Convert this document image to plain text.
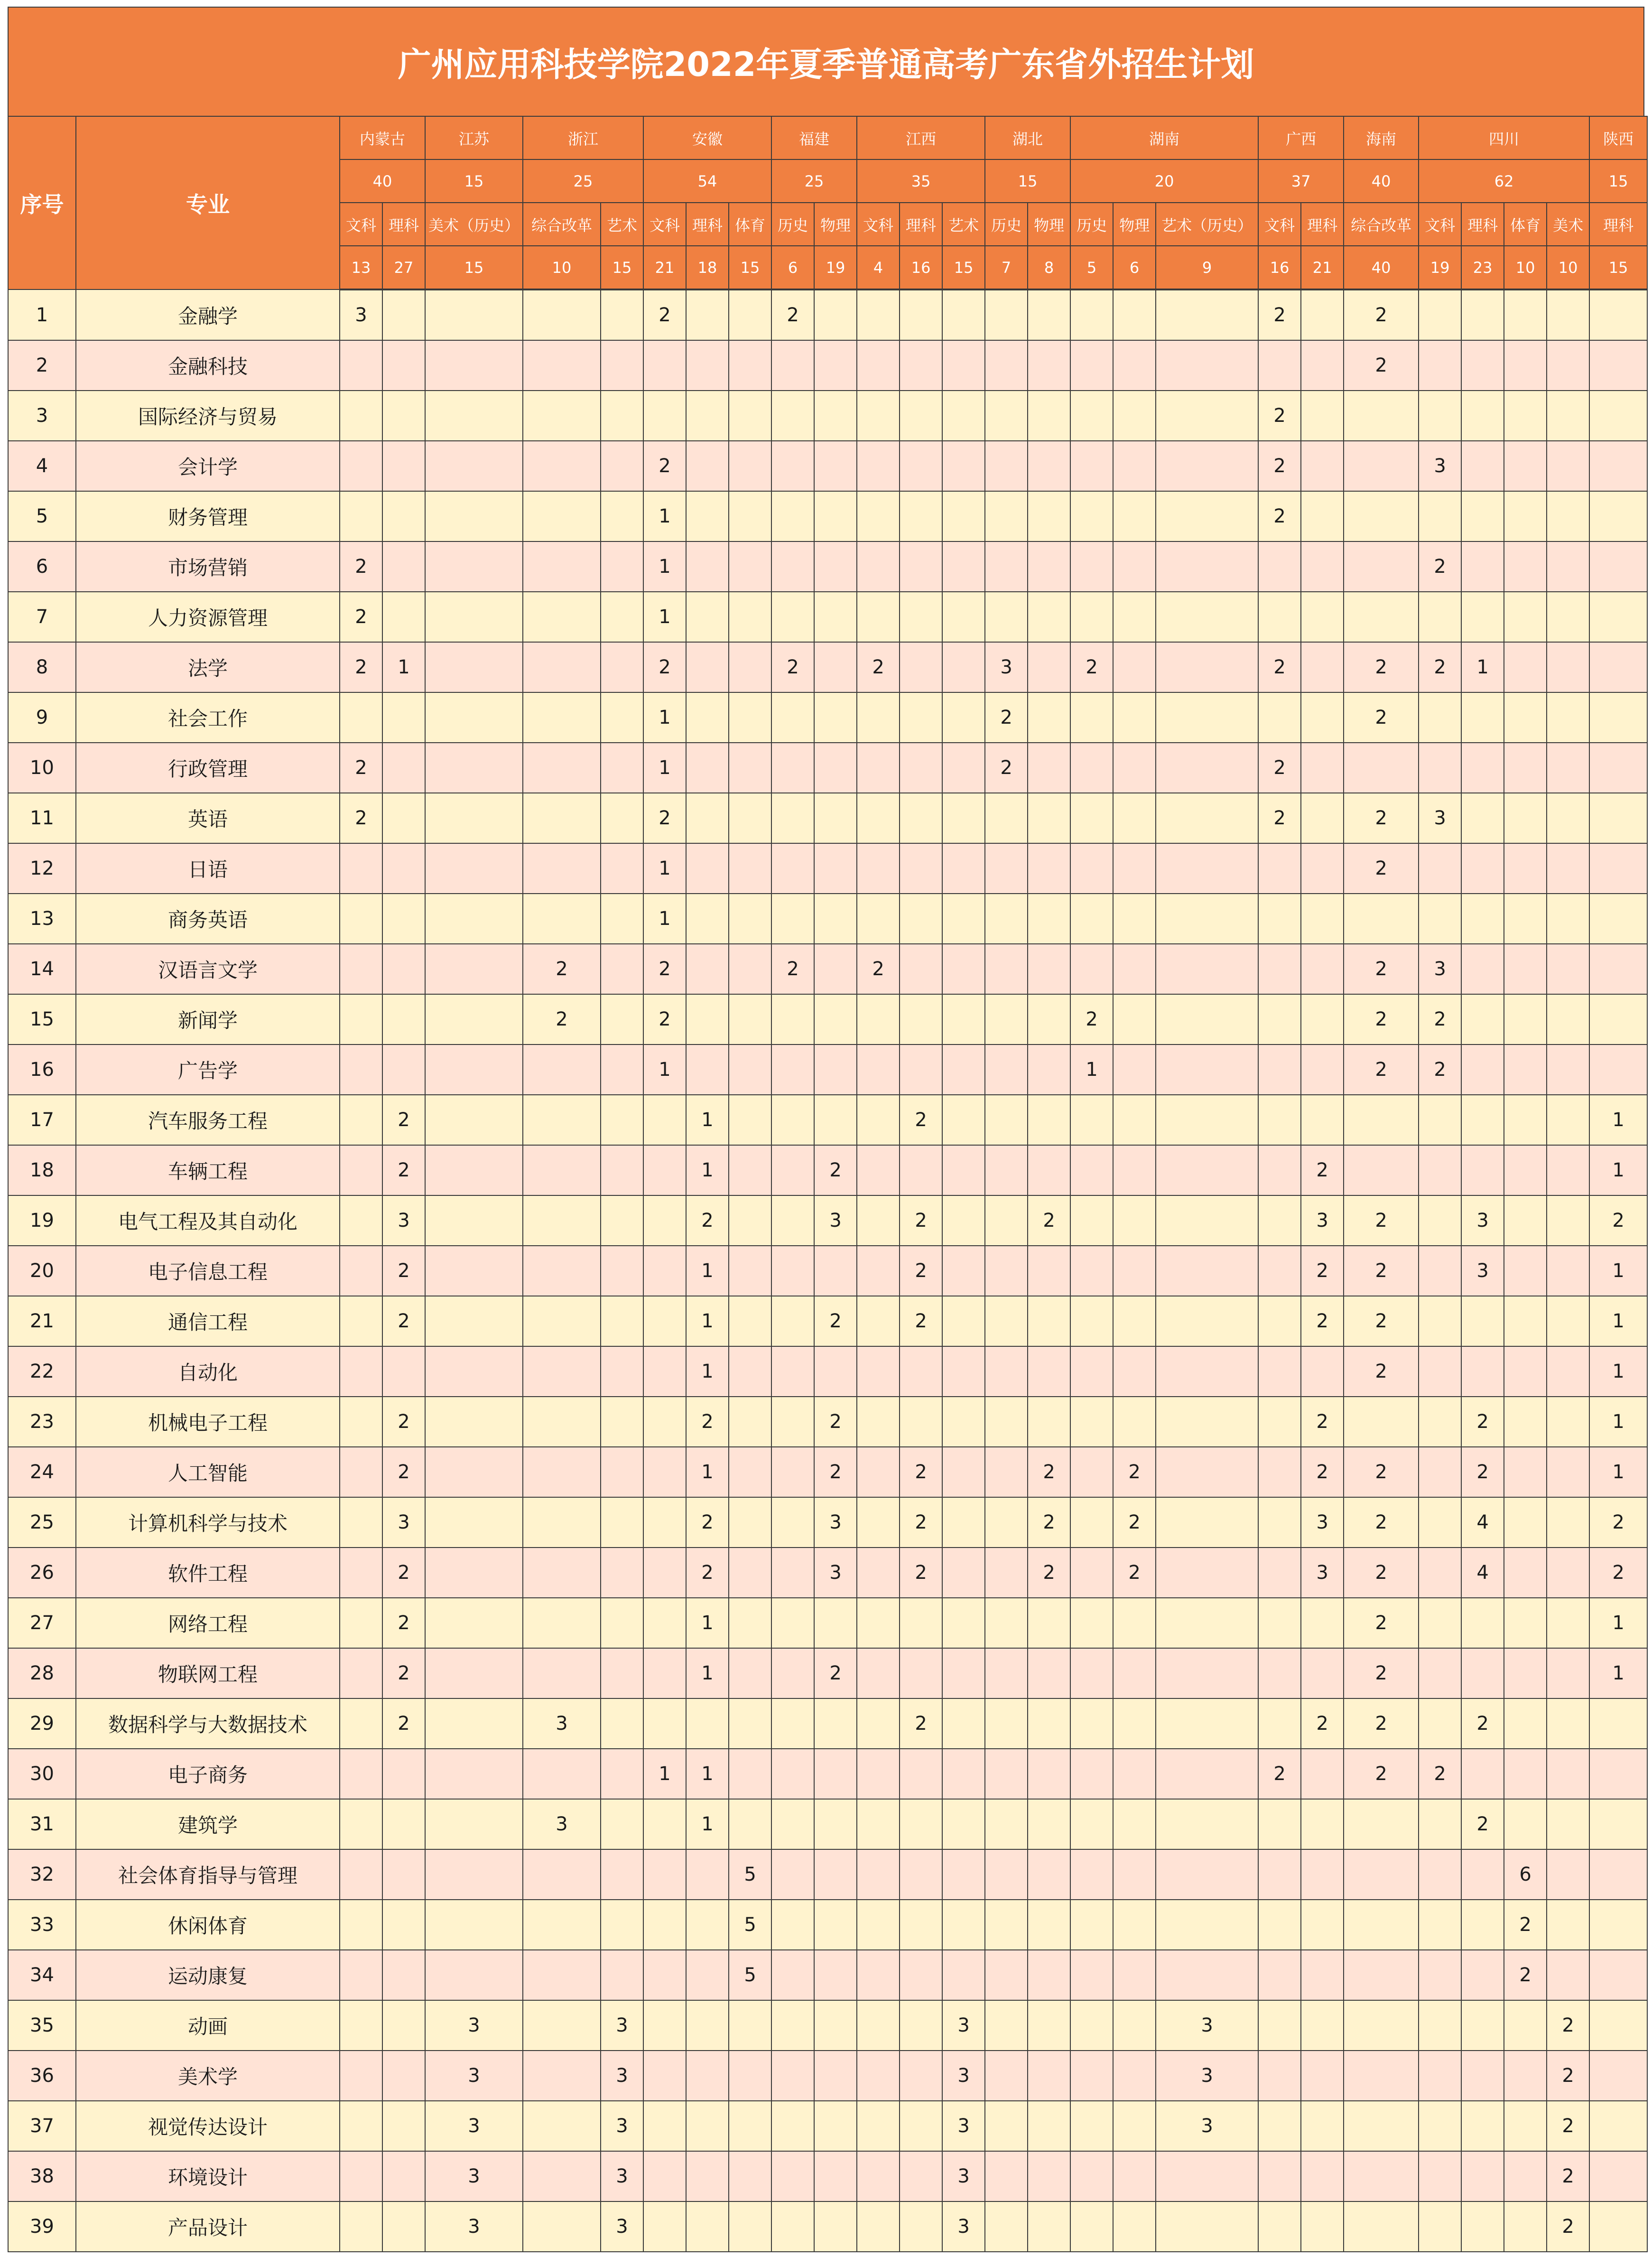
广州应用科技学院2022年夏季普通高考广东省外招生计划
序号	专业	内蒙古		江苏	浙江		安徽			福建		江西			湖北		湖南			广西		海南	四川				陕西
		40		15	25		54			25		35			15		20			37		40	62				15
		文科	理科	美术（历史）	综合改革	艺术	文科	理科	体育	历史	物理	文科	理科	艺术	历史	物理	历史	物理	艺术（历史）	文科	理科	综合改革	文科	理科	体育	美术	理科
		13	27	15	10	15	21	18	15	6	19	4	16	15	7	8	5	6	9	16	21	40	19	23	10	10	15
1	金融学	3					2			2										2		2					
2	金融科技																					2					
3	国际经济与贸易																			2							
4	会计学						2													2			3				
5	财务管理						1													2							
6	市场营销	2					1																2				
7	人力资源管理	2					1																				
8	法学	2	1				2			2		2			3		2			2		2	2	1			
9	社会工作						1								2							2					
10	行政管理	2					1								2					2							
11	英语	2					2													2		2	3				
12	日语						1															2					
13	商务英语						1																				
14	汉语言文学				2		2			2		2										2	3				
15	新闻学				2		2										2					2	2				
16	广告学						1										1					2	2				
17	汽车服务工程		2					1					2														1
18	车辆工程		2					1			2										2						1
19	电气工程及其自动化		3					2			3		2			2					3	2		3			2
20	电子信息工程		2					1					2								2	2		3			1
21	通信工程		2					1			2		2								2	2					1
22	自动化							1														2					1
23	机械电子工程		2					2			2										2			2			1
24	人工智能		2					1			2		2			2		2			2	2		2			1
25	计算机科学与技术		3					2			3		2			2		2			3	2		4			2
26	软件工程		2					2			3		2			2		2			3	2		4			2
27	网络工程		2					1														2					1
28	物联网工程		2					1			2											2					1
29	数据科学与大数据技术		2		3								2								2	2		2			
30	电子商务						1	1												2		2	2				
31	建筑学				3			1																2			
32	社会体育指导与管理								5																6		
33	休闲体育								5																2		
34	运动康复								5																2		
35	动画			3		3								3					3							2	
36	美术学			3		3								3					3							2	
37	视觉传达设计			3		3								3					3							2	
38	环境设计			3		3								3												2	
39	产品设计			3		3								3												2	
